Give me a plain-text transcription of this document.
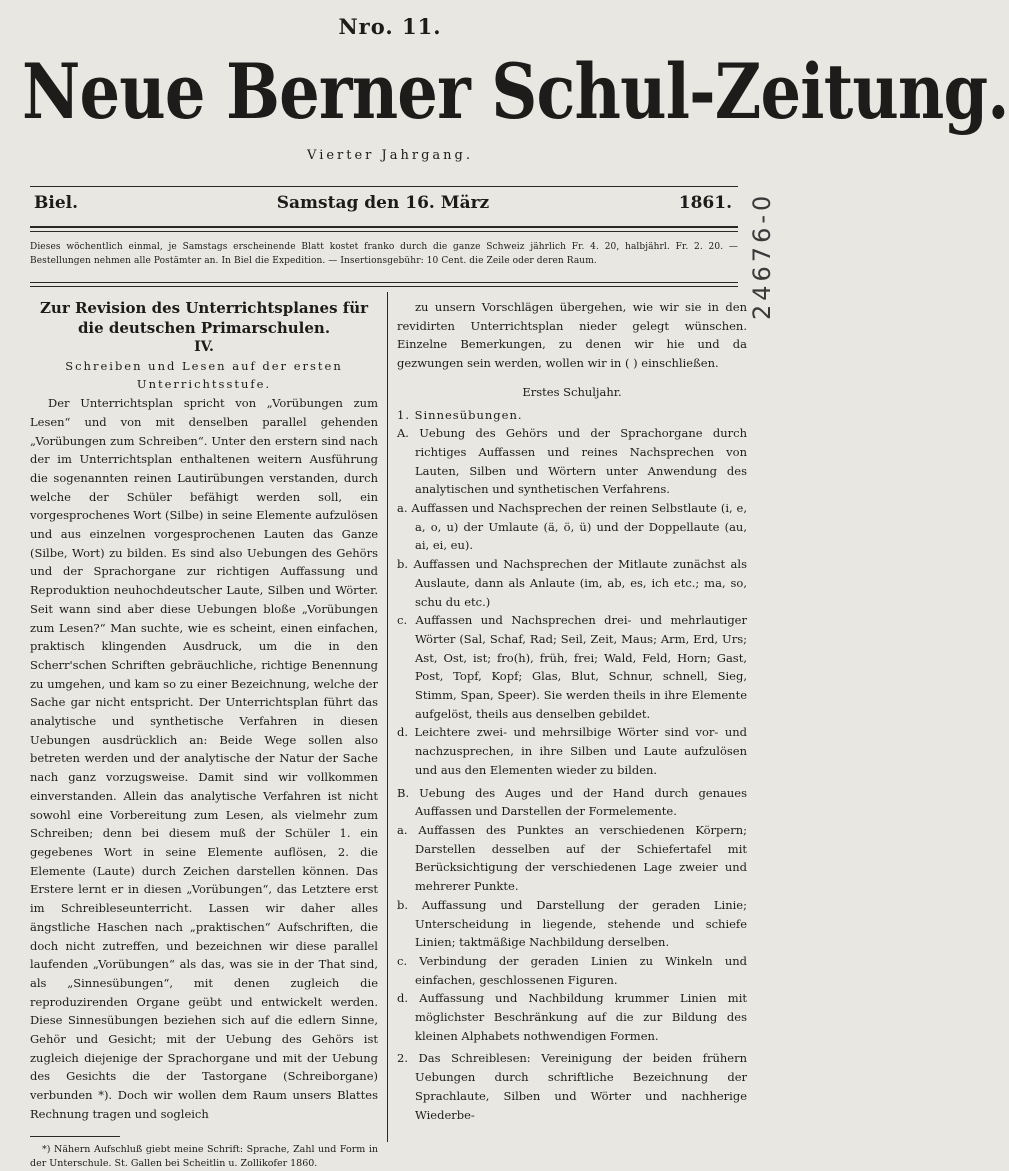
Nro. 11.
Neue Berner Schul-Zeitung.
Vierter Jahrgang.
Biel.	Samstag den 16. März	1861.
Dieses wöchentlich einmal, je Samstags erscheinende Blatt kostet franko durch die ganze Schweiz jährlich Fr. 4. 20, halbjährl. Fr. 2. 20. — Bestellungen nehmen alle Postämter an. In Biel die Expedition. — Insertionsgebühr: 10 Cent. die Zeile oder deren Raum.

Zur Revision des Unterrichtsplanes für die deutschen Primarschulen.

IV.

Schreiben und Lesen auf der ersten Unterrichtsstufe.

Der Unterrichtsplan spricht von „Vorübungen zum Lesen“ und von mit denselben parallel gehenden „Vorübungen zum Schreiben“. Unter den erstern sind nach der im Unterrichtsplan enthaltenen weitern Ausführung die sogenannten reinen Lautirübungen verstanden, durch welche der Schüler befähigt werden soll, ein vorgesprochenes Wort (Silbe) in seine Elemente aufzulösen und aus einzelnen vorgesprochenen Lauten das Ganze (Silbe, Wort) zu bilden. Es sind also Uebungen des Gehörs und der Sprachorgane zur richtigen Auffassung und Reproduktion neuhochdeutscher Laute, Silben und Wörter. Seit wann sind aber diese Uebungen bloße „Vorübungen zum Lesen?“ Man suchte, wie es scheint, einen einfachen, praktisch klingenden Ausdruck, um die in den Scherr'schen Schriften gebräuchliche, richtige Benennung zu umgehen, und kam so zu einer Bezeichnung, welche der Sache gar nicht entspricht. Der Unterrichtsplan führt das analytische und synthetische Verfahren in diesen Uebungen ausdrücklich an: Beide Wege sollen also betreten werden und der analytische der Natur der Sache nach ganz vorzugsweise. Damit sind wir vollkommen einverstanden. Allein das analytische Verfahren ist nicht sowohl eine Vorbereitung zum Lesen, als vielmehr zum Schreiben; denn bei diesem muß der Schüler 1. ein gegebenes Wort in seine Elemente auflösen, 2. die Elemente (Laute) durch Zeichen darstellen können. Das Erstere lernt er in diesen „Vorübungen“, das Letztere erst im Schreibleseunterricht. Lassen wir daher alles ängstliche Haschen nach „praktischen“ Aufschriften, die doch nicht zutreffen, und bezeichnen wir diese parallel laufenden „Vorübungen“ als das, was sie in der That sind, als „Sinnesübungen“, mit denen zugleich die reproduzirenden Organe geübt und entwickelt werden. Diese Sinnesübungen beziehen sich auf die edlern Sinne, Gehör und Gesicht; mit der Uebung des Gehörs ist zugleich diejenige der Sprachorgane und mit der Uebung des Gesichts die der Tastorgane (Schreiborgane) verbunden *). Doch wir wollen dem Raum unsers Blattes Rechnung tragen und sogleich

*) Nähern Aufschluß giebt meine Schrift: Sprache, Zahl und Form in der Unterschule. St. Gallen bei Scheitlin u. Zollikofer 1860.

zu unsern Vorschlägen übergehen, wie wir sie in den revidirten Unterrichtsplan nieder gelegt wünschen. Einzelne Bemerkungen, zu denen wir hie und da gezwungen sein werden, wollen wir in ( ) einschließen.

Erstes Schuljahr.

1. Sinnesübungen.

A. Uebung des Gehörs und der Sprachorgane durch richtiges Auffassen und reines Nachsprechen von Lauten, Silben und Wörtern unter Anwendung des analytischen und synthetischen Verfahrens.

a. Auffassen und Nachsprechen der reinen Selbstlaute (i, e, a, o, u) der Umlaute (ä, ö, ü) und der Doppellaute (au, ai, ei, eu).

b. Auffassen und Nachsprechen der Mitlaute zunächst als Auslaute, dann als Anlaute (im, ab, es, ich etc.; ma, so, schu du etc.)

c. Auffassen und Nachsprechen drei- und mehrlautiger Wörter (Sal, Schaf, Rad; Seil, Zeit, Maus; Arm, Erd, Urs; Ast, Ost, ist; fro(h), früh, frei; Wald, Feld, Horn; Gast, Post, Topf, Kopf; Glas, Blut, Schnur, schnell, Sieg, Stimm, Span, Speer). Sie werden theils in ihre Elemente aufgelöst, theils aus denselben gebildet.

d. Leichtere zwei- und mehrsilbige Wörter sind vor- und nachzusprechen, in ihre Silben und Laute aufzulösen und aus den Elementen wieder zu bilden.

B. Uebung des Auges und der Hand durch genaues Auffassen und Darstellen der Formelemente.

a. Auffassen des Punktes an verschiedenen Körpern; Darstellen desselben auf der Schiefertafel mit Berücksichtigung der verschiedenen Lage zweier und mehrerer Punkte.

b. Auffassung und Darstellung der geraden Linie; Unterscheidung in liegende, stehende und schiefe Linien; taktmäßige Nachbildung derselben.

c. Verbindung der geraden Linien zu Winkeln und einfachen, geschlossenen Figuren.

d. Auffassung und Nachbildung krummer Linien mit möglichster Beschränkung auf die zur Bildung des kleinen Alphabets nothwendigen Formen.

2. Das Schreiblesen: Vereinigung der beiden frühern Uebungen durch schriftliche Bezeichnung der Sprachlaute, Silben und Wörter und nachherige Wiederbe-

24676-0
